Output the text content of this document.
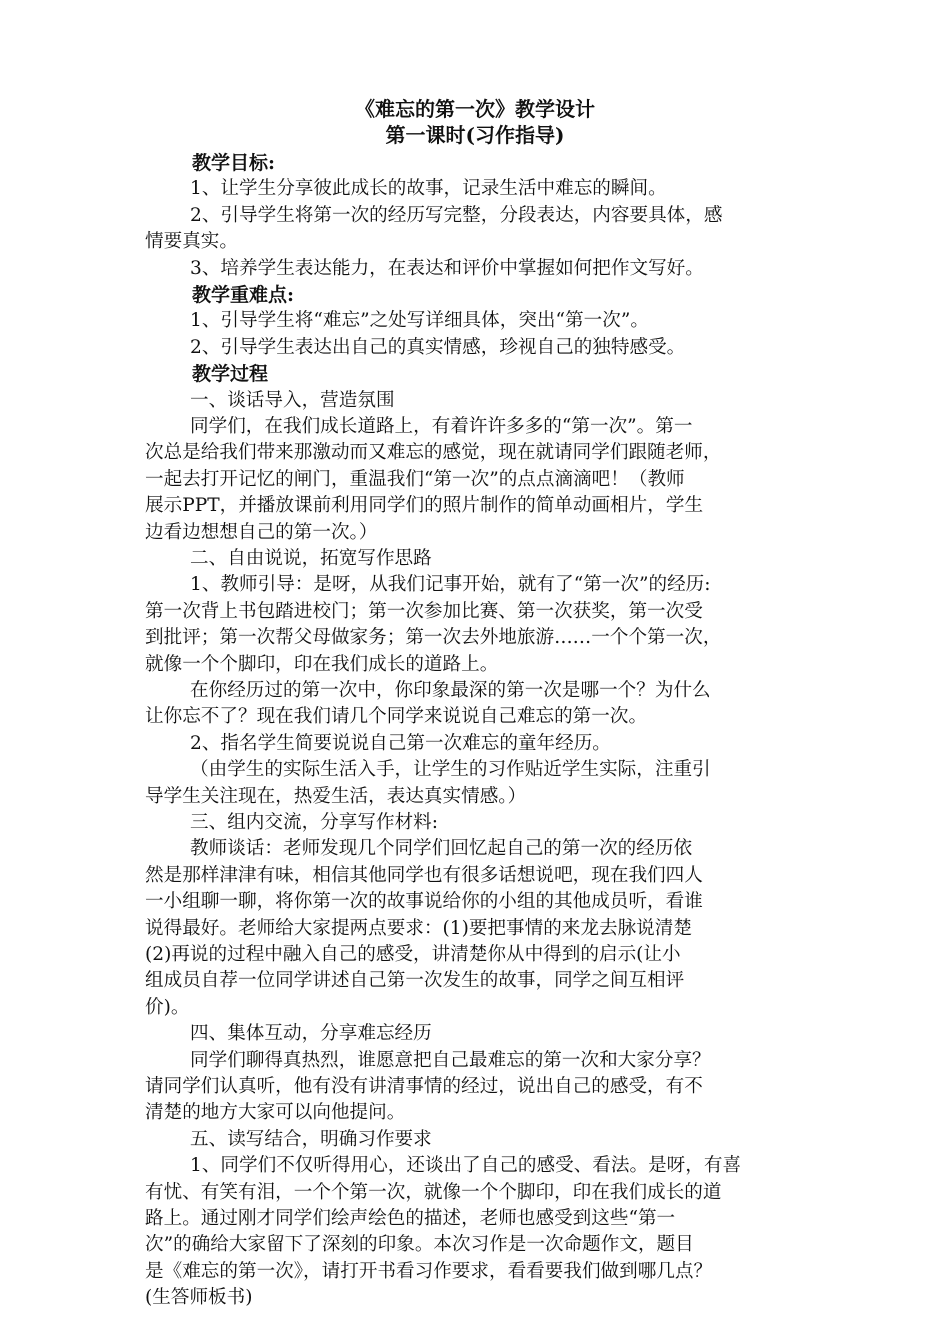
《难忘的第一次》教学设计
第一课时(习作指导)
教学目标:
1、让学生分享彼此成长的故事，记录生活中难忘的瞬间。
2、引导学生将第一次的经历写完整，分段表达，内容要具体，感
情要真实。
3、培养学生表达能力，在表达和评价中掌握如何把作文写好。
教学重难点:
1、引导学生将“难忘”之处写详细具体，突出“第一次”。
2、引导学生表达出自己的真实情感，珍视自己的独特感受。
教学过程
一、谈话导入，营造氛围
同学们，在我们成长道路上，有着许许多多的“第一次”。第一
次总是给我们带来那激动而又难忘的感觉，现在就请同学们跟随老师，
一起去打开记忆的闸门，重温我们“第一次”的点点滴滴吧！（教师
展示PPT，并播放课前利用同学们的照片制作的简单动画相片，学生
边看边想想自己的第一次。）
二、自由说说，拓宽写作思路
1、教师引导：是呀，从我们记事开始，就有了“第一次”的经历:
第一次背上书包踏进校门；第一次参加比赛、第一次获奖，第一次受
到批评；第一次帮父母做家务；第一次去外地旅游……一个个第一次，
就像一个个脚印，印在我们成长的道路上。
在你经历过的第一次中，你印象最深的第一次是哪一个？为什么
让你忘不了？现在我们请几个同学来说说自己难忘的第一次。
2、指名学生简要说说自己第一次难忘的童年经历。
（由学生的实际生活入手，让学生的习作贴近学生实际，注重引
导学生关注现在，热爱生活，表达真实情感。）
三、组内交流，分享写作材料:
教师谈话：老师发现几个同学们回忆起自己的第一次的经历依
然是那样津津有味，相信其他同学也有很多话想说吧，现在我们四人
一小组聊一聊，将你第一次的故事说给你的小组的其他成员听，看谁
说得最好。老师给大家提两点要求：(1)要把事情的来龙去脉说清楚
(2)再说的过程中融入自己的感受，讲清楚你从中得到的启示(让小
组成员自荐一位同学讲述自己第一次发生的故事，同学之间互相评
价)。
四、集体互动，分享难忘经历
同学们聊得真热烈，谁愿意把自己最难忘的第一次和大家分享？
请同学们认真听，他有没有讲清事情的经过，说出自己的感受，有不
清楚的地方大家可以向他提问。
五、读写结合，明确习作要求
1、同学们不仅听得用心，还谈出了自己的感受、看法。是呀，有喜
有忧、有笑有泪，一个个第一次，就像一个个脚印，印在我们成长的道
路上。通过刚才同学们绘声绘色的描述，老师也感受到这些“第一
次”的确给大家留下了深刻的印象。本次习作是一次命题作文，题目
是《难忘的第一次》，请打开书看习作要求，看看要我们做到哪几点？
(生答师板书)
